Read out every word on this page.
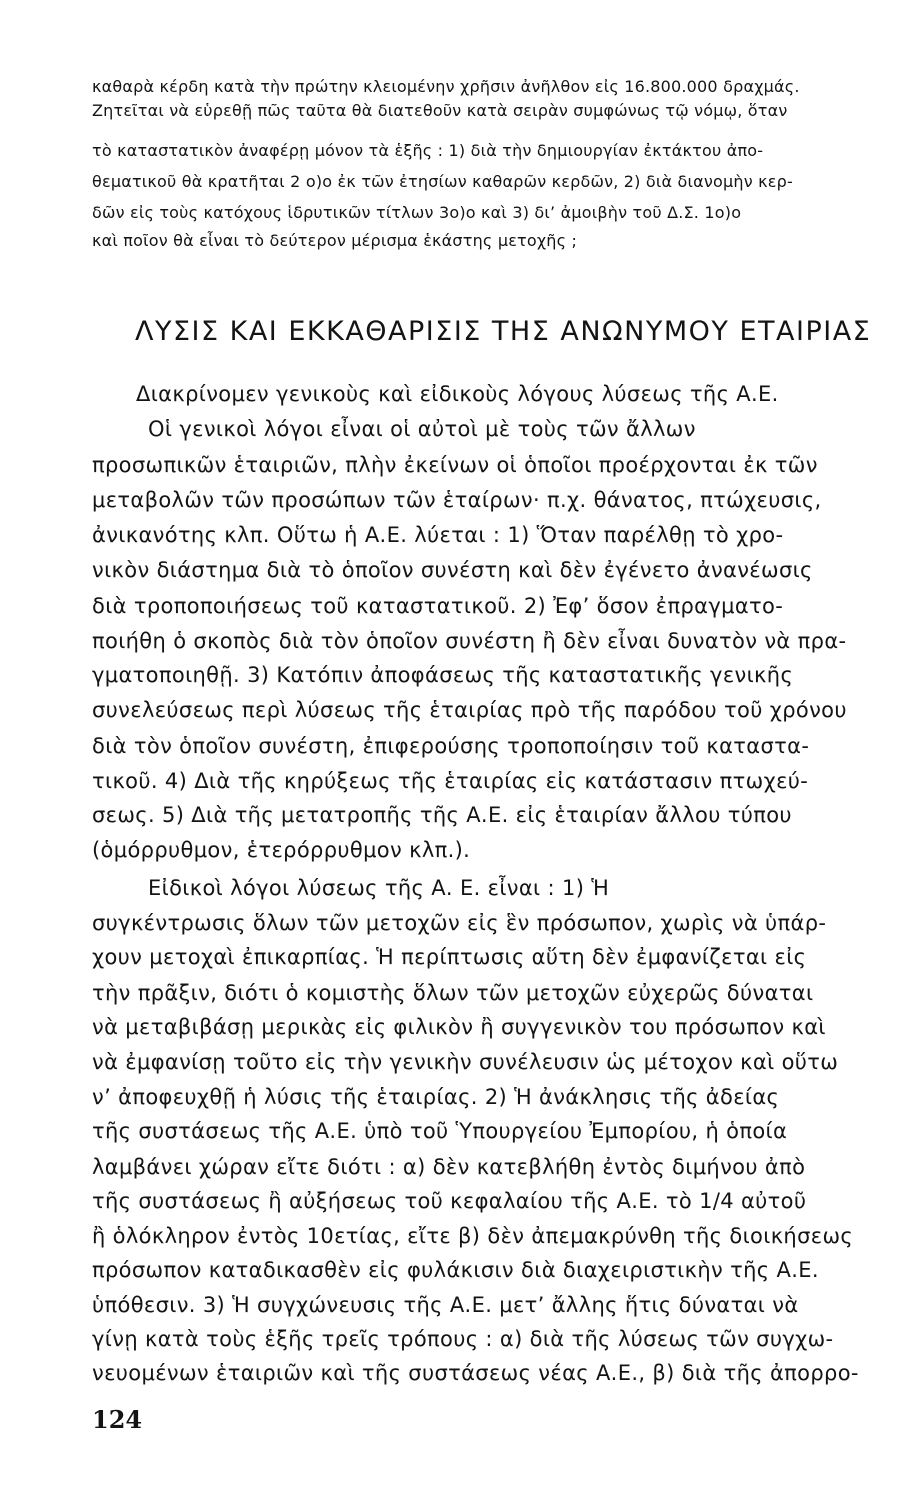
καθαρὰ κέρδη κατὰ τὴν πρώτην κλειομένην χρῆσιν ἀνῆλθον εἰς 16.800.000 δραχμάς.
Ζητεῖται νὰ εὑρεθῇ πῶς ταῦτα θὰ διατεθοῦν κατὰ σειρὰν συμφώνως τῷ νόμῳ, ὅταν
τὸ καταστατικὸν ἀναφέρῃ μόνον τὰ ἑξῆς : 1) διὰ τὴν δημιουργίαν ἐκτάκτου ἀπο-
θεματικοῦ θὰ κρατῆται 2 ο)ο ἐκ τῶν ἐτησίων καθαρῶν κερδῶν, 2) διὰ διανομὴν κερ-
δῶν εἰς τοὺς κατόχους ἱδρυτικῶν τίτλων 3ο)ο καὶ 3) δι’ ἀμοιβὴν τοῦ Δ.Σ. 1ο)ο
καὶ ποῖον θὰ εἶναι τὸ δεύτερον μέρισμα ἑκάστης μετοχῆς ;
ΛΥΣΙΣ ΚΑΙ ΕΚΚΑΘΑΡΙΣΙΣ ΤΗΣ ΑΝΩΝΥΜΟΥ ΕΤΑΙΡΙΑΣ
Διακρίνομεν γενικοὺς καὶ εἰδικοὺς λόγους λύσεως τῆς Α.Ε.
Οἱ γενικοὶ λόγοι εἶναι οἱ αὐτοὶ μὲ τοὺς τῶν ἄλλων
προσωπικῶν ἑταιριῶν, πλὴν ἐκείνων οἱ ὁποῖοι προέρχονται ἐκ τῶν
μεταβολῶν τῶν προσώπων τῶν ἑταίρων· π.χ. θάνατος, πτώχευσις,
ἀνικανότης κλπ. Οὕτω ἡ Α.Ε. λύεται : 1) Ὅταν παρέλθῃ τὸ χρο-
νικὸν διάστημα διὰ τὸ ὁποῖον συνέστη καὶ δὲν ἐγένετο ἀνανέωσις
διὰ τροποποιήσεως τοῦ καταστατικοῦ. 2) Ἐφ’ ὅσον ἐπραγματο-
ποιήθη ὁ σκοπὸς διὰ τὸν ὁποῖον συνέστη ἢ δὲν εἶναι δυνατὸν νὰ πρα-
γματοποιηθῇ. 3) Κατόπιν ἀποφάσεως τῆς καταστατικῆς γενικῆς
συνελεύσεως περὶ λύσεως τῆς ἑταιρίας πρὸ τῆς παρόδου τοῦ χρόνου
διὰ τὸν ὁποῖον συνέστη, ἐπιφερούσης τροποποίησιν τοῦ καταστα-
τικοῦ. 4) Διὰ τῆς κηρύξεως τῆς ἑταιρίας εἰς κατάστασιν πτωχεύ-
σεως. 5) Διὰ τῆς μετατροπῆς τῆς Α.Ε. εἰς ἑταιρίαν ἄλλου τύπου
(ὁμόρρυθμον, ἑτερόρρυθμον κλπ.).
Εἰδικοὶ λόγοι λύσεως τῆς Α. Ε. εἶναι : 1) Ἡ
συγκέντρωσις ὅλων τῶν μετοχῶν εἰς ἓν πρόσωπον, χωρὶς νὰ ὑπάρ-
χουν μετοχαὶ ἐπικαρπίας. Ἡ περίπτωσις αὕτη δὲν ἐμφανίζεται εἰς
τὴν πρᾶξιν, διότι ὁ κομιστὴς ὅλων τῶν μετοχῶν εὐχερῶς δύναται
νὰ μεταβιβάσῃ μερικὰς εἰς φιλικὸν ἢ συγγενικὸν του πρόσωπον καὶ
νὰ ἐμφανίσῃ τοῦτο εἰς τὴν γενικὴν συνέλευσιν ὡς μέτοχον καὶ οὕτω
ν’ ἀποφευχθῇ ἡ λύσις τῆς ἑταιρίας. 2) Ἡ ἀνάκλησις τῆς ἀδείας
τῆς συστάσεως τῆς Α.Ε. ὑπὸ τοῦ Ὑπουργείου Ἐμπορίου, ἡ ὁποία
λαμβάνει χώραν εἴτε διότι : α) δὲν κατεβλήθη ἐντὸς διμήνου ἀπὸ
τῆς συστάσεως ἢ αὐξήσεως τοῦ κεφαλαίου τῆς Α.Ε. τὸ 1/4 αὐτοῦ
ἢ ὁλόκληρον ἐντὸς 10ετίας, εἴτε β) δὲν ἀπεμακρύνθη τῆς διοικήσεως
πρόσωπον καταδικασθὲν εἰς φυλάκισιν διὰ διαχειριστικὴν τῆς Α.Ε.
ὑπόθεσιν. 3) Ἡ συγχώνευσις τῆς Α.Ε. μετ’ ἄλλης ἥτις δύναται νὰ
γίνῃ κατὰ τοὺς ἑξῆς τρεῖς τρόπους : α) διὰ τῆς λύσεως τῶν συγχω-
νευομένων ἑταιριῶν καὶ τῆς συστάσεως νέας Α.Ε., β) διὰ τῆς ἀπορρο-
124
